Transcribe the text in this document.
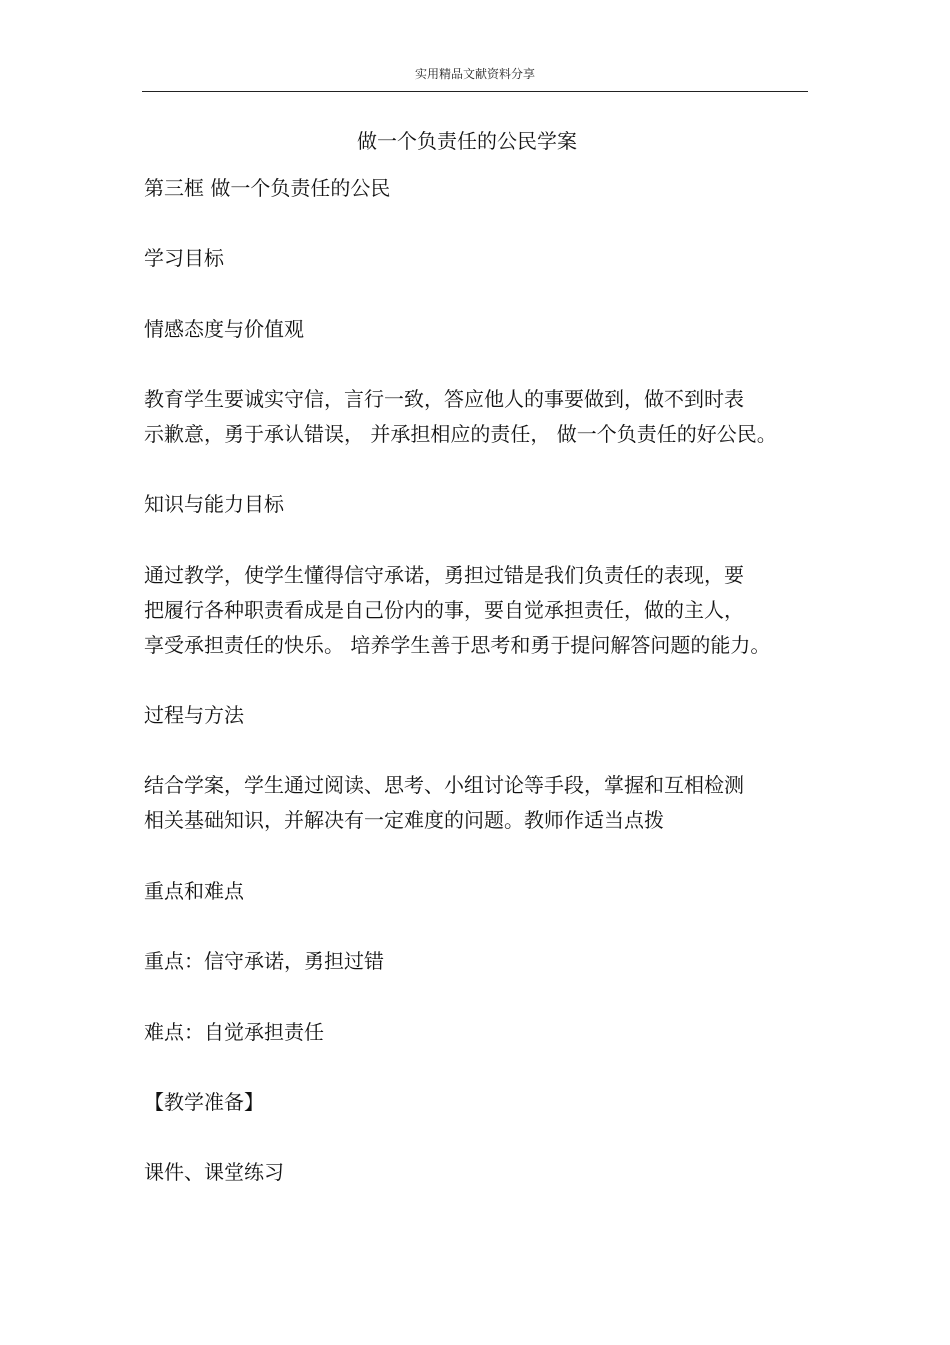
实用精品文献资料分享
做一个负责任的公民学案

第三框 做一个负责任的公民

学习目标

情感态度与价值观

教育学生要诚实守信，言行一致，答应他人的事要做到，做不到时表

示歉意，勇于承认错误， 并承担相应的责任， 做一个负责任的好公民。

知识与能力目标

通过教学，使学生懂得信守承诺，勇担过错是我们负责任的表现，要

把履行各种职责看成是自己份内的事，要自觉承担责任，做的主人，

享受承担责任的快乐。 培养学生善于思考和勇于提问解答问题的能力。

过程与方法

结合学案，学生通过阅读、思考、小组讨论等手段，掌握和互相检测

相关基础知识，并解决有一定难度的问题。教师作适当点拨

重点和难点

重点：信守承诺，勇担过错

难点：自觉承担责任

【教学准备】

课件、课堂练习
